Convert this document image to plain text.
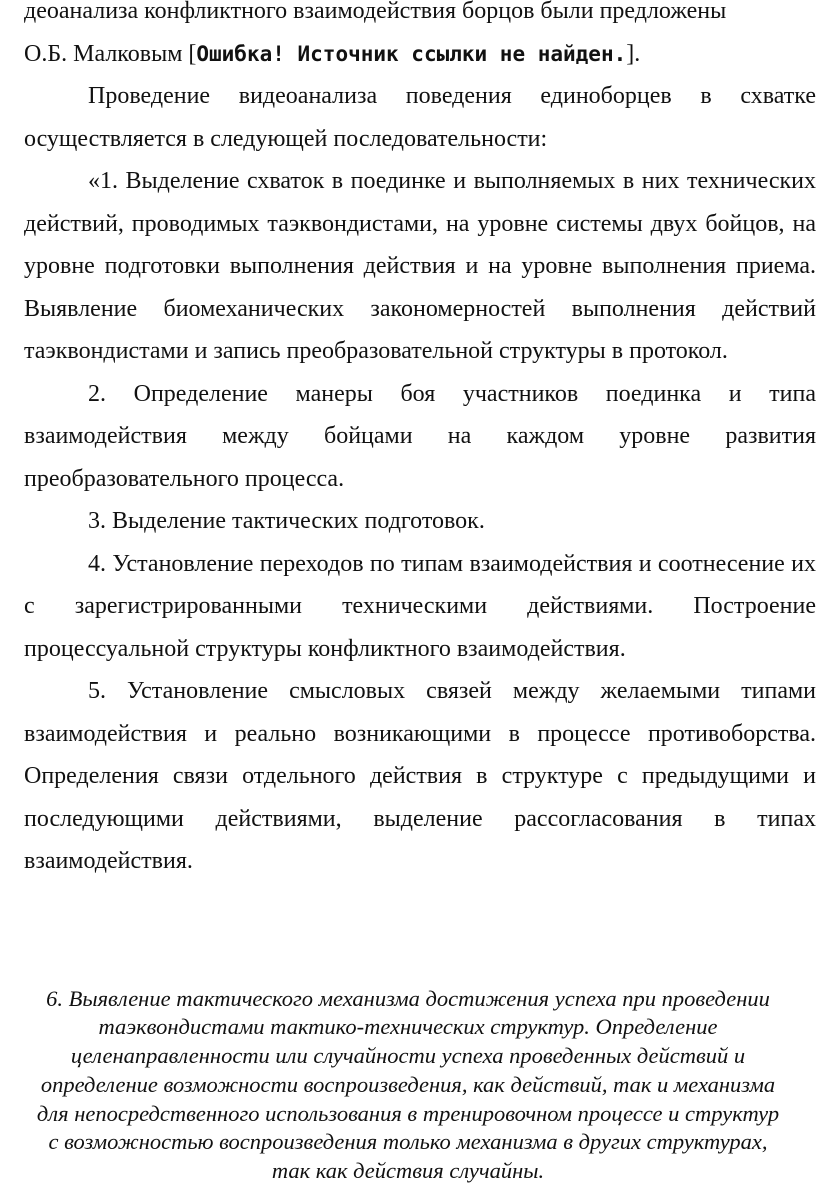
деоанализа конфликтного взаимодействия борцов были предложены

О.Б. Малковым [Ошибка! Источник ссылки не найден.].

Проведение видеоанализа поведения единоборцев в схватке осуществляется в следующей последовательности:

«1. Выделение схваток в поединке и выполняемых в них технических действий, проводимых таэквондистами, на уровне системы двух бойцов, на уровне подготовки выполнения действия и на уровне выполнения приема. Выявление биомеханических закономерностей выполнения действий таэквондистами и запись преобразовательной структуры в протокол.

2. Определение манеры боя участников поединка и типа взаимодействия между бойцами на каждом уровне развития преобразовательного процесса.

3. Выделение тактических подготовок.

4. Установление переходов по типам взаимодействия и соотнесение их с зарегистрированными техническими действиями. Построение процессуальной структуры конфликтного взаимодействия.

5. Установление смысловых связей между желаемыми типами взаимодействия и реально возникающими в процессе противоборства. Определения связи отдельного действия в структуре с предыдущими и последующими действиями, выделение рассогласования в типах взаимодействия.

6. Выявление тактического механизма достижения успеха при проведении таэквондистами тактико-технических структур. Определение целенаправленности или случайности успеха проведенных действий и определение возможности воспроизведения, как действий, так и механизма для непосредственного использования в тренировочном процессе и структур с возможностью воспроизведения только механизма в других структурах, так как действия случайны.
